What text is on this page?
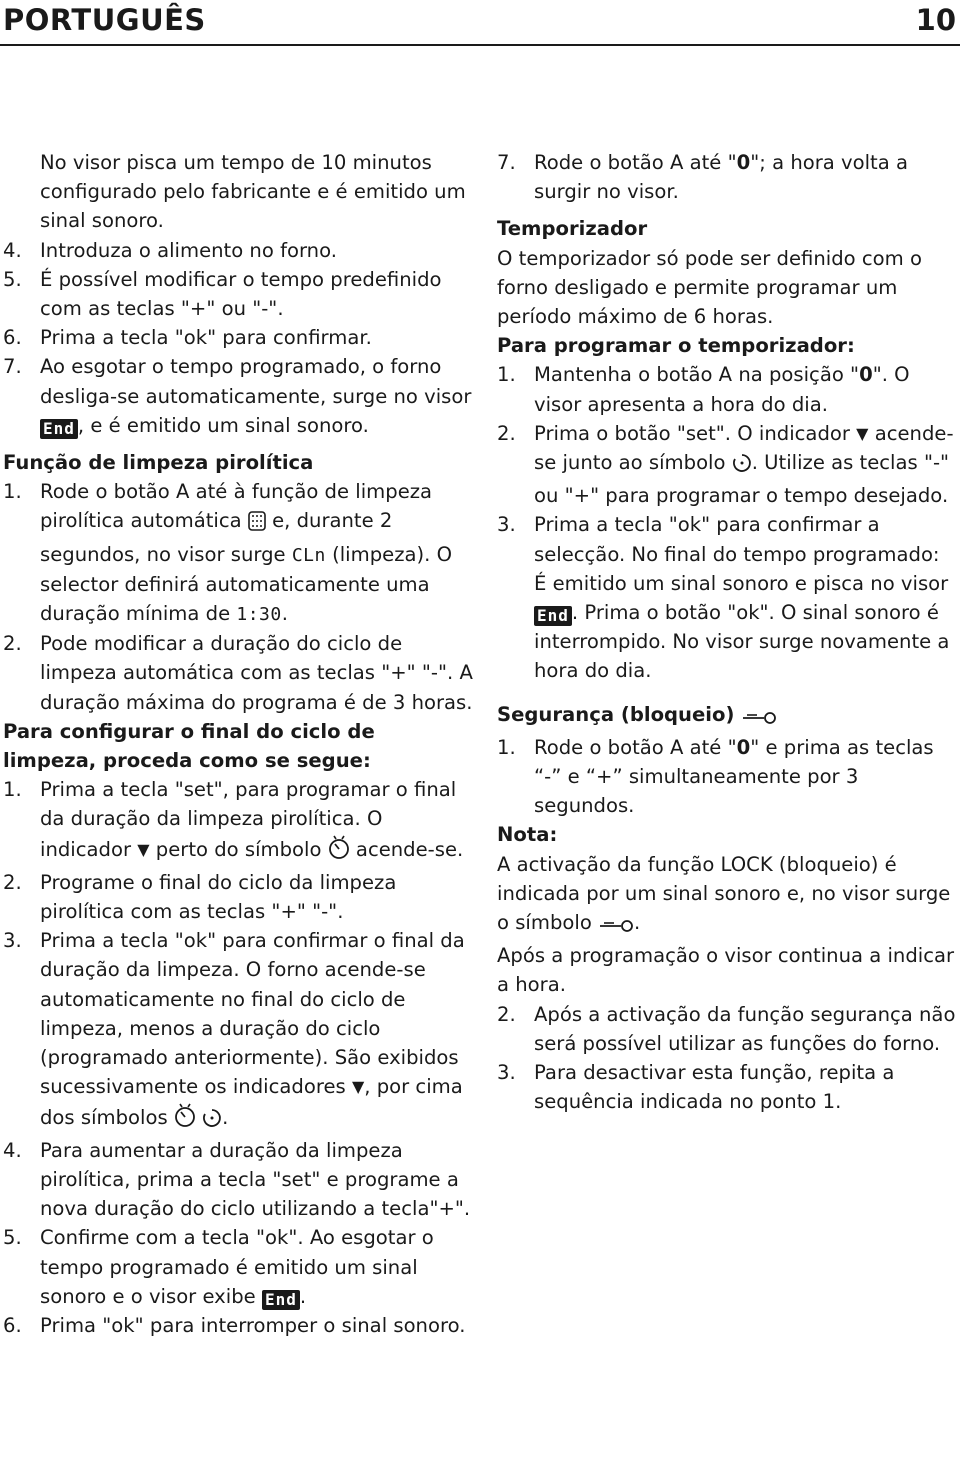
PORTUGUÊS	10
No visor pisca um tempo de 10 minutos configurado pelo fabricante e é emitido um sinal sonoro.
4. Introduza o alimento no forno.
5. É possível modificar o tempo predefinido com as teclas "+" ou "-".
6. Prima a tecla "ok" para confirmar.
7. Ao esgotar o tempo programado, o forno desliga-se automaticamente, surge no visor End , e é emitido um sinal sonoro.
Função de limpeza pirolítica
1. Rode o botão A até à função de limpeza pirolítica automática  e, durante 2 segundos, no visor surge CLn (limpeza). O selector definirá automaticamente uma duração mínima de 1:30.
2. Pode modificar a duração do ciclo de limpeza automática com as teclas "+" "-". A duração máxima do programa é de 3 horas.
Para configurar o final do ciclo de limpeza, proceda como se segue:
1. Prima a tecla "set", para programar o final da duração da limpeza pirolítica. O indicador ▼ perto do símbolo  acende-se.
2. Programe o final do ciclo da limpeza pirolítica com as teclas "+" "-".
3. Prima a tecla "ok" para confirmar o final da duração da limpeza. O forno acende-se automaticamente no final do ciclo de limpeza, menos a duração do ciclo (programado anteriormente). São exibidos sucessivamente os indicadores ▼, por cima dos símbolos  .
4. Para aumentar a duração da limpeza pirolítica, prima a tecla "set" e programe a nova duração do ciclo utilizando a tecla"+".
5. Confirme com a tecla "ok". Ao esgotar o tempo programado é emitido um sinal sonoro e o visor exibe End .
6. Prima "ok" para interromper o sinal sonoro.
7. Rode o botão A até "0"; a hora volta a surgir no visor.
Temporizador
O temporizador só pode ser definido com o forno desligado e permite programar um período máximo de 6 horas.
Para programar o temporizador:
1. Mantenha o botão A na posição "0". O visor apresenta a hora do dia.
2. Prima o botão "set". O indicador ▼ acende-se junto ao símbolo . Utilize as teclas "-" ou "+" para programar o tempo desejado.
3. Prima a tecla "ok" para confirmar a selecção. No final do tempo programado: É emitido um sinal sonoro e pisca no visor End . Prima o botão "ok". O sinal sonoro é interrompido. No visor surge novamente a hora do dia.
Segurança (bloqueio)
1. Rode o botão A até "0" e prima as teclas “-” e “+” simultaneamente por 3 segundos.
Nota:
A activação da função LOCK (bloqueio) é indicada por um sinal sonoro e, no visor surge o símbolo .
Após a programação o visor continua a indicar a hora.
2. Após a activação da função segurança não será possível utilizar as funções do forno.
3. Para desactivar esta função, repita a sequência indicada no ponto 1.
